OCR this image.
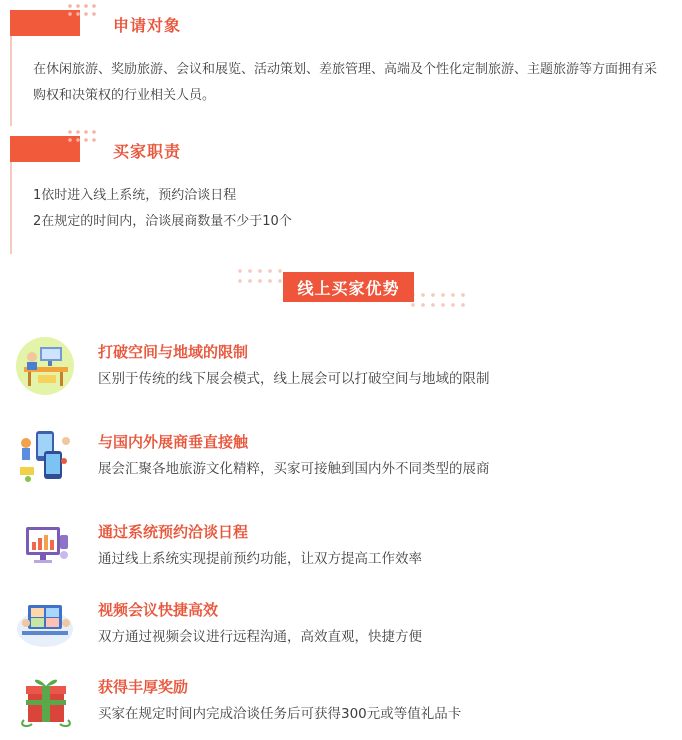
申请对象
在休闲旅游、奖励旅游、会议和展览、活动策划、差旅管理、高端及个性化定制旅游、主题旅游等方面拥有采购权和决策权的行业相关人员。
买家职责
1依时进入线上系统，预约洽谈日程
2在规定的时间内，洽谈展商数量不少于10个
线上买家优势
打破空间与地域的限制
区别于传统的线下展会模式，线上展会可以打破空间与地域的限制
与国内外展商垂直接触
展会汇聚各地旅游文化精粹，买家可接触到国内外不同类型的展商
通过系统预约洽谈日程
通过线上系统实现提前预约功能，让双方提高工作效率
视频会议快捷高效
双方通过视频会议进行远程沟通，高效直观，快捷方便
获得丰厚奖励
买家在规定时间内完成洽谈任务后可获得300元或等值礼品卡
